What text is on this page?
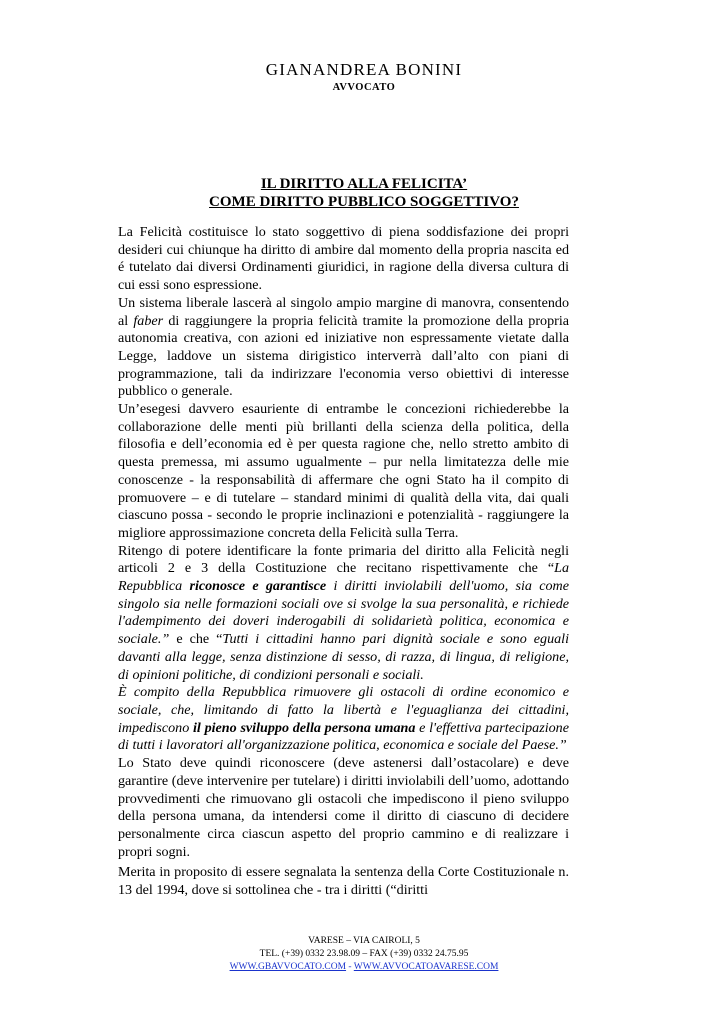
GIANANDREA BONINI
AVVOCATO
IL DIRITTO ALLA FELICITA’
COME DIRITTO PUBBLICO SOGGETTIVO?

La Felicità costituisce lo stato soggettivo di piena soddisfazione dei propri desideri cui chiunque ha diritto di ambire dal momento della propria nascita ed é tutelato dai diversi Ordinamenti giuridici, in ragione della diversa cultura di cui essi sono espressione.

Un sistema liberale lascerà al singolo ampio margine di manovra, consentendo al faber di raggiungere la propria felicità tramite la promozione della propria autonomia creativa, con azioni ed iniziative non espressamente vietate dalla Legge, laddove un sistema dirigistico interverrà dall’alto con piani di programmazione, tali da indirizzare l'economia verso obiettivi di interesse pubblico o generale.

Un’esegesi davvero esauriente di entrambe le concezioni richiederebbe la collaborazione delle menti più brillanti della scienza della politica, della filosofia e dell’economia ed è per questa ragione che, nello stretto ambito di questa premessa, mi assumo ugualmente – pur nella limitatezza delle mie conoscenze - la responsabilità di affermare che ogni Stato ha il compito di promuovere – e di tutelare – standard minimi di qualità della vita, dai quali ciascuno possa - secondo le proprie inclinazioni e potenzialità - raggiungere la migliore approssimazione concreta della Felicità sulla Terra.

Ritengo di potere identificare la fonte primaria del diritto alla Felicità negli articoli 2 e 3 della Costituzione che recitano rispettivamente che “La Repubblica riconosce e garantisce i diritti inviolabili dell'uomo, sia come singolo sia nelle formazioni sociali ove si svolge la sua personalità, e richiede l'adempimento dei doveri inderogabili di solidarietà politica, economica e sociale.” e che “Tutti i cittadini hanno pari dignità sociale e sono eguali davanti alla legge, senza distinzione di sesso, di razza, di lingua, di religione, di opinioni politiche, di condizioni personali e sociali.

È compito della Repubblica rimuovere gli ostacoli di ordine economico e sociale, che, limitando di fatto la libertà e l'eguaglianza dei cittadini, impediscono il pieno sviluppo della persona umana e l'effettiva partecipazione di tutti i lavoratori all'organizzazione politica, economica e sociale del Paese.”

Lo Stato deve quindi riconoscere (deve astenersi dall’ostacolare) e deve garantire (deve intervenire per tutelare) i diritti inviolabili dell’uomo, adottando provvedimenti che rimuovano gli ostacoli che impediscono il pieno sviluppo della persona umana, da intendersi come il diritto di ciascuno di decidere personalmente circa ciascun aspetto del proprio cammino e di realizzare i propri sogni.

Merita in proposito di essere segnalata la sentenza della Corte Costituzionale n. 13 del 1994, dove si sottolinea che - tra i diritti (“diritti

VARESE – VIA CAIROLI, 5
TEL. (+39) 0332 23.98.09 – FAX (+39) 0332 24.75.95
WWW.GBAVVOCATO.COM - WWW.AVVOCATOAVARESE.COM
